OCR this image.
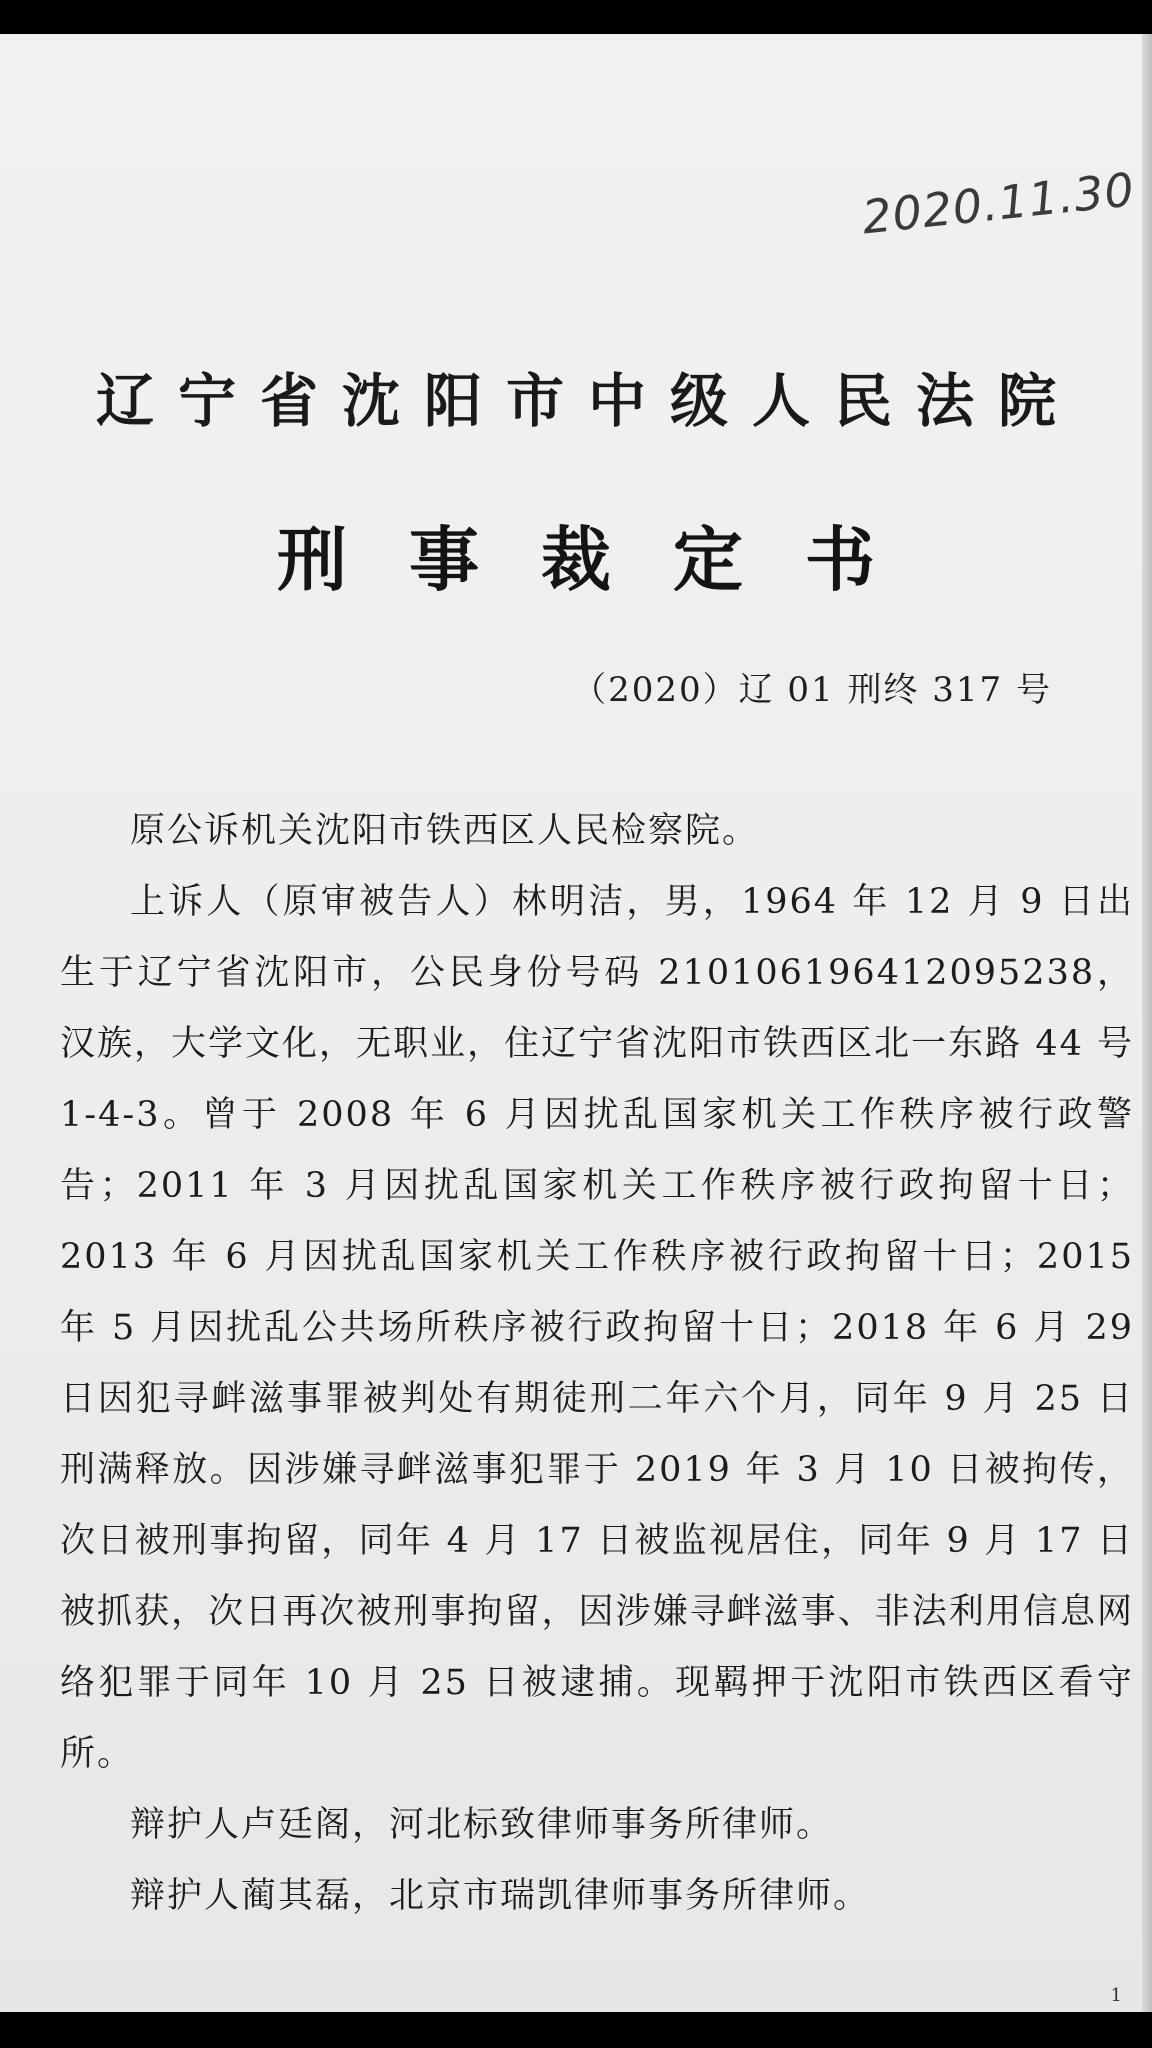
2020.11.30
辽宁省沈阳市中级人民法院
刑事裁定书
（2020）辽 01 刑终 317 号

原公诉机关沈阳市铁西区人民检察院。

上诉人（原审被告人）林明洁，男，1964 年 12 月 9 日出生于辽宁省沈阳市，公民身份号码 210106196412095238，汉族，大学文化，无职业，住辽宁省沈阳市铁西区北一东路 44 号 1-4-3。曾于 2008 年 6 月因扰乱国家机关工作秩序被行政警告；2011 年 3 月因扰乱国家机关工作秩序被行政拘留十日；2013 年 6 月因扰乱国家机关工作秩序被行政拘留十日；2015 年 5 月因扰乱公共场所秩序被行政拘留十日；2018 年 6 月 29 日因犯寻衅滋事罪被判处有期徒刑二年六个月，同年 9 月 25 日刑满释放。因涉嫌寻衅滋事犯罪于 2019 年 3 月 10 日被拘传，次日被刑事拘留，同年 4 月 17 日被监视居住，同年 9 月 17 日被抓获，次日再次被刑事拘留，因涉嫌寻衅滋事、非法利用信息网络犯罪于同年 10 月 25 日被逮捕。现羁押于沈阳市铁西区看守所。

辩护人卢廷阁，河北标致律师事务所律师。

辩护人蔺其磊，北京市瑞凯律师事务所律师。

1
